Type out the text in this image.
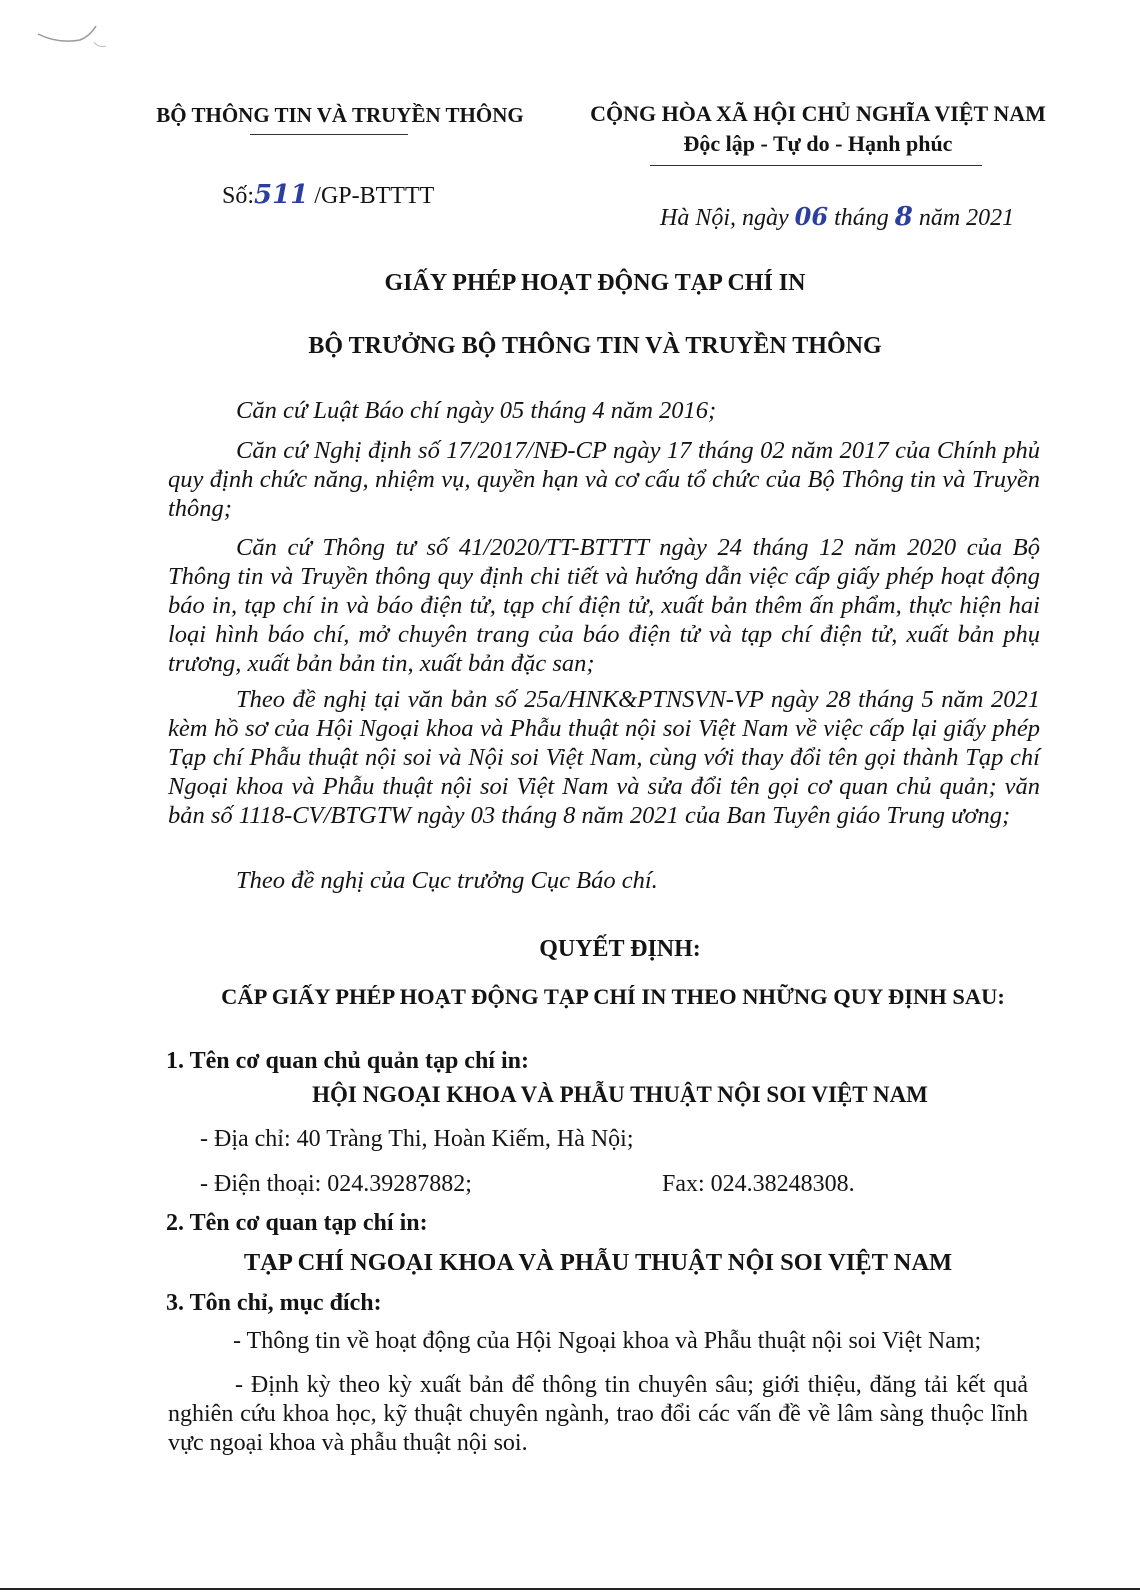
BỘ THÔNG TIN VÀ TRUYỀN THÔNG	CỘNG HÒA XÃ HỘI CHỦ NGHĨA VIỆT NAM
Độc lập - Tự do - Hạnh phúc
Số:511 /GP-BTTTT
Hà Nội, ngày 06 tháng 8 năm 2021
GIẤY PHÉP HOẠT ĐỘNG TẠP CHÍ IN
BỘ TRƯỞNG BỘ THÔNG TIN VÀ TRUYỀN THÔNG

Căn cứ Luật Báo chí ngày 05 tháng 4 năm 2016;

Căn cứ Nghị định số 17/2017/NĐ-CP ngày 17 tháng 02 năm 2017 của Chính phủ quy định chức năng, nhiệm vụ, quyền hạn và cơ cấu tổ chức của Bộ Thông tin và Truyền thông;

Căn cứ Thông tư số 41/2020/TT-BTTTT ngày 24 tháng 12 năm 2020 của Bộ Thông tin và Truyền thông quy định chi tiết và hướng dẫn việc cấp giấy phép hoạt động báo in, tạp chí in và báo điện tử, tạp chí điện tử, xuất bản thêm ấn phẩm, thực hiện hai loại hình báo chí, mở chuyên trang của báo điện tử và tạp chí điện tử, xuất bản phụ trương, xuất bản bản tin, xuất bản đặc san;

Theo đề nghị tại văn bản số 25a/HNK&PTNSVN-VP ngày 28 tháng 5 năm 2021 kèm hồ sơ của Hội Ngoại khoa và Phẫu thuật nội soi Việt Nam về việc cấp lại giấy phép Tạp chí Phẫu thuật nội soi và Nội soi Việt Nam, cùng với thay đổi tên gọi thành Tạp chí Ngoại khoa và Phẫu thuật nội soi Việt Nam và sửa đổi tên gọi cơ quan chủ quản; văn bản số 1118-CV/BTGTW ngày 03 tháng 8 năm 2021 của Ban Tuyên giáo Trung ương;

Theo đề nghị của Cục trưởng Cục Báo chí.

QUYẾT ĐỊNH:
CẤP GIẤY PHÉP HOẠT ĐỘNG TẠP CHÍ IN THEO NHỮNG QUY ĐỊNH SAU:
1. Tên cơ quan chủ quản tạp chí in:
HỘI NGOẠI KHOA VÀ PHẪU THUẬT NỘI SOI VIỆT NAM
- Địa chỉ: 40 Tràng Thi, Hoàn Kiếm, Hà Nội;
- Điện thoại: 024.39287882;	Fax: 024.38248308.
2. Tên cơ quan tạp chí in:
TẠP CHÍ NGOẠI KHOA VÀ PHẪU THUẬT NỘI SOI VIỆT NAM
3. Tôn chỉ, mục đích:
- Thông tin về hoạt động của Hội Ngoại khoa và Phẫu thuật nội soi Việt Nam;

- Định kỳ theo kỳ xuất bản để thông tin chuyên sâu; giới thiệu, đăng tải kết quả nghiên cứu khoa học, kỹ thuật chuyên ngành, trao đổi các vấn đề về lâm sàng thuộc lĩnh vực ngoại khoa và phẫu thuật nội soi.
